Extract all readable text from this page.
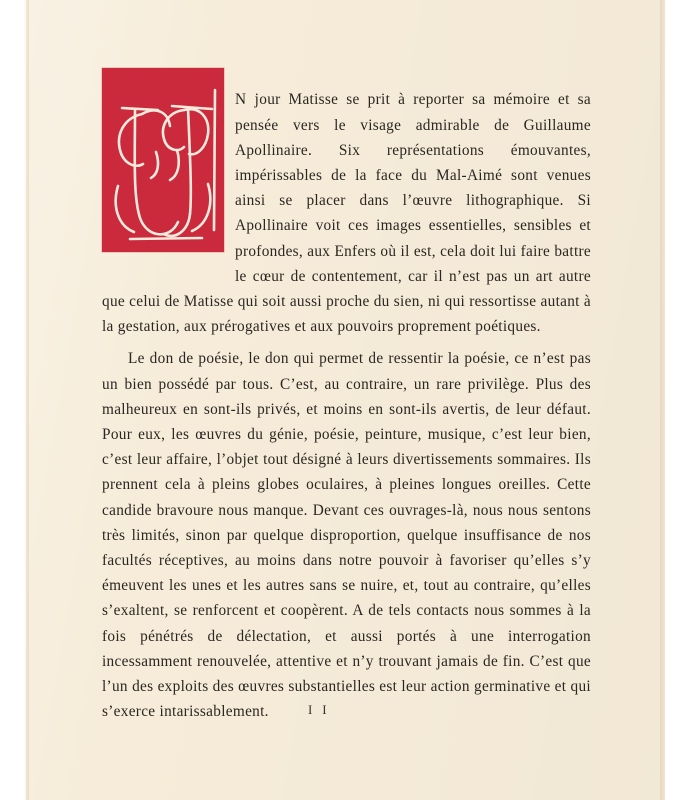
N jour Matisse se prit à reporter sa mémoire et sa pensée vers le visage admirable de Guillaume Apollinaire. Six représentations émouvantes, impérissables de la face du Mal-Aimé sont venues ainsi se placer dans l’œuvre lithographique. Si Apollinaire voit ces images essentielles, sensibles et profondes, aux Enfers où il est, cela doit lui faire battre le cœur de contentement, car il n’est pas un art autre que celui de Matisse qui soit aussi proche du sien, ni qui ressortisse autant à la gestation, aux prérogatives et aux pouvoirs proprement poétiques.

Le don de poésie, le don qui permet de ressentir la poésie, ce n’est pas un bien possédé par tous. C’est, au contraire, un rare privilège. Plus des malheureux en sont-ils privés, et moins en sont-ils avertis, de leur défaut. Pour eux, les œuvres du génie, poésie, peinture, musique, c’est leur bien, c’est leur affaire, l’objet tout désigné à leurs divertissements sommaires. Ils prennent cela à pleins globes oculaires, à pleines longues oreilles. Cette candide bravoure nous manque. Devant ces ouvrages-là, nous nous sentons très limités, sinon par quelque disproportion, quelque insuffisance de nos facultés réceptives, au moins dans notre pouvoir à favoriser qu’elles s’y émeuvent les unes et les autres sans se nuire, et, tout au contraire, qu’elles s’exaltent, se renforcent et coopèrent. A de tels contacts nous sommes à la fois pénétrés de délectation, et aussi portés à une interrogation incessamment renouvelée, attentive et n’y trouvant jamais de fin. C’est que l’un des exploits des œuvres substantielles est leur action germinative et qui s’exerce intarissablement.	I I
